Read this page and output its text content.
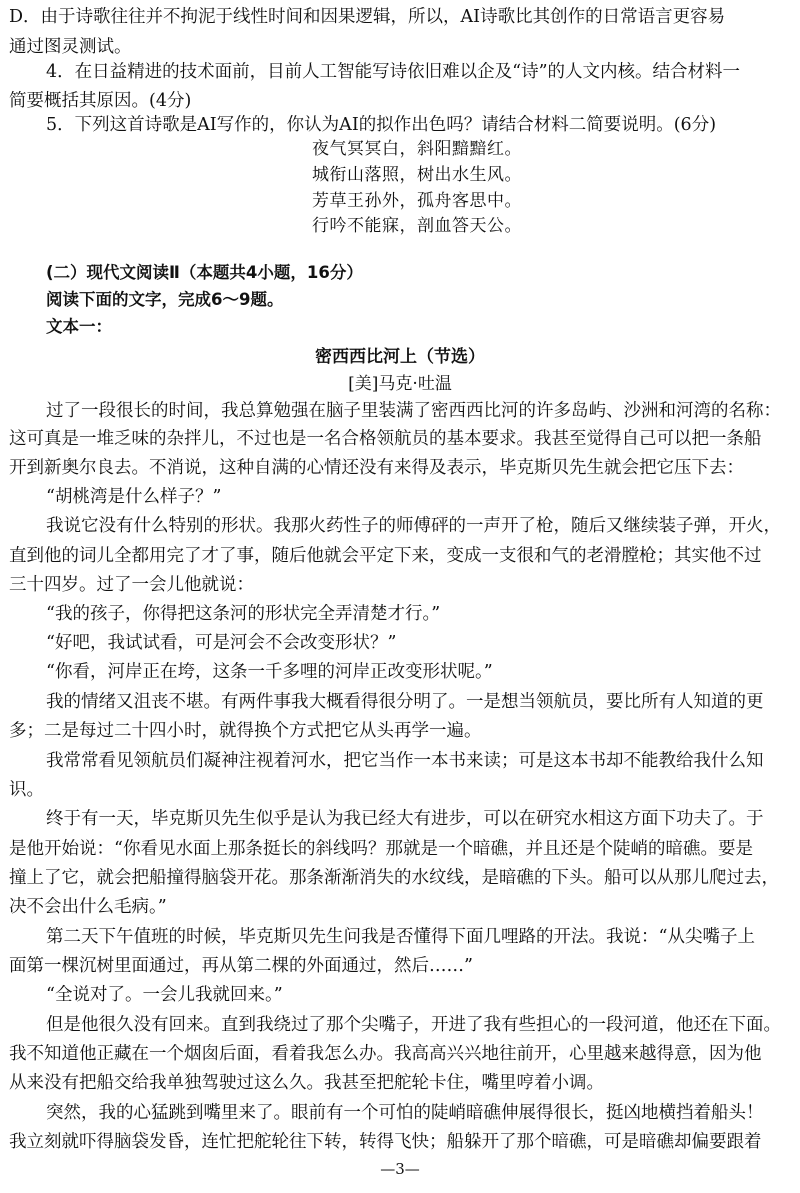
D．由于诗歌往往并不拘泥于线性时间和因果逻辑，所以，AI诗歌比其创作的日常语言更容易
通过图灵测试。
4．在日益精进的技术面前，目前人工智能写诗依旧难以企及“诗”的人文内核。结合材料一
简要概括其原因。(4分)
5．下列这首诗歌是AI写作的，你认为AI的拟作出色吗？请结合材料二简要说明。(6分)
夜气冥冥白，斜阳黯黯红。
城衔山落照，树出水生风。
芳草王孙外，孤舟客思中。
行吟不能寐，剖血答天公。
(二）现代文阅读Ⅱ（本题共4小题，16分）
阅读下面的文字，完成6～9题。
文本一：
密西西比河上（节选）
[美]马克·吐温
过了一段很长的时间，我总算勉强在脑子里装满了密西西比河的许多岛屿、沙洲和河湾的名称：
这可真是一堆乏味的杂拌儿，不过也是一名合格领航员的基本要求。我甚至觉得自己可以把一条船
开到新奥尔良去。不消说，这种自满的心情还没有来得及表示，毕克斯贝先生就会把它压下去：
“胡桃湾是什么样子？”
我说它没有什么特别的形状。我那火药性子的师傅砰的一声开了枪，随后又继续装子弹，开火，
直到他的词儿全都用完了才了事，随后他就会平定下来，变成一支很和气的老滑膛枪；其实他不过
三十四岁。过了一会儿他就说：
“我的孩子，你得把这条河的形状完全弄清楚才行。”
“好吧，我试试看，可是河会不会改变形状？”
“你看，河岸正在垮，这条一千多哩的河岸正改变形状呢。”
我的情绪又沮丧不堪。有两件事我大概看得很分明了。一是想当领航员，要比所有人知道的更
多；二是每过二十四小时，就得换个方式把它从头再学一遍。
我常常看见领航员们凝神注视着河水，把它当作一本书来读；可是这本书却不能教给我什么知
识。
终于有一天，毕克斯贝先生似乎是认为我已经大有进步，可以在研究水相这方面下功夫了。于
是他开始说：“你看见水面上那条挺长的斜线吗？那就是一个暗礁，并且还是个陡峭的暗礁。要是
撞上了它，就会把船撞得脑袋开花。那条渐渐消失的水纹线，是暗礁的下头。船可以从那儿爬过去，
决不会出什么毛病。”
第二天下午值班的时候，毕克斯贝先生问我是否懂得下面几哩路的开法。我说：“从尖嘴子上
面第一棵沉树里面通过，再从第二棵的外面通过，然后……”
“全说对了。一会儿我就回来。”
但是他很久没有回来。直到我绕过了那个尖嘴子，开进了我有些担心的一段河道，他还在下面。
我不知道他正藏在一个烟囱后面，看着我怎么办。我高高兴兴地往前开，心里越来越得意，因为他
从来没有把船交给我单独驾驶过这么久。我甚至把舵轮卡住，嘴里哼着小调。
突然，我的心猛跳到嘴里来了。眼前有一个可怕的陡峭暗礁伸展得很长，挺凶地横挡着船头！
我立刻就吓得脑袋发昏，连忙把舵轮往下转，转得飞快；船躲开了那个暗礁，可是暗礁却偏要跟着
—3—
